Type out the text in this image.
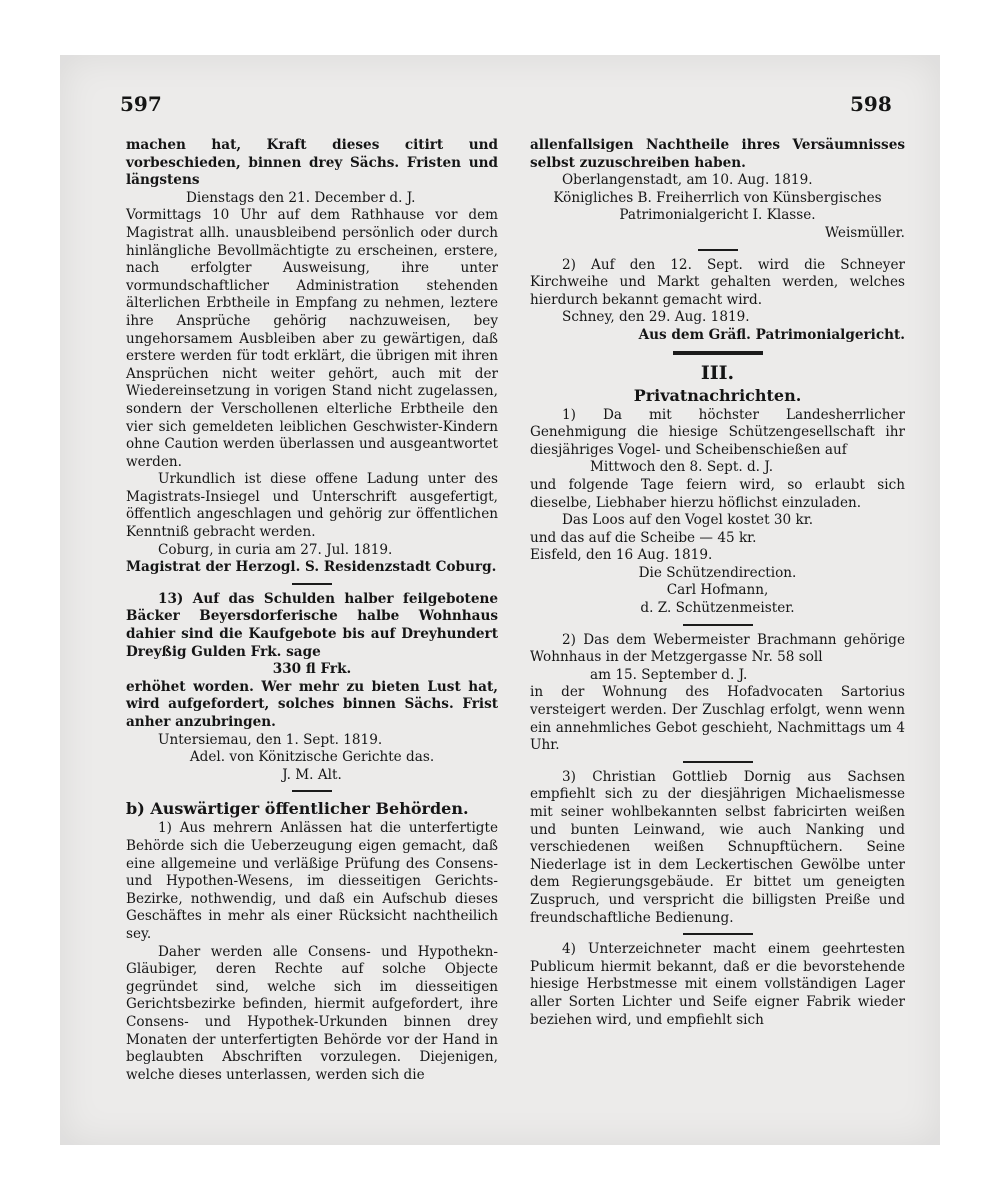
597	598

machen hat, Kraft dieses citirt und vorbeschieden, binnen drey Sächs. Fristen und längstens

Dienstags den 21. December d. J.

Vormittags 10 Uhr auf dem Rathhause vor dem Magistrat allh. unausbleibend persönlich oder durch hinlängliche Bevollmächtigte zu erscheinen, erstere, nach erfolgter Ausweisung, ihre unter vormundschaftlicher Administration stehenden älterlichen Erbtheile in Empfang zu nehmen, leztere ihre Ansprüche gehörig nachzuweisen, bey ungehorsamem Ausbleiben aber zu gewärtigen, daß erstere werden für todt erklärt, die übrigen mit ihren Ansprüchen nicht weiter gehört, auch mit der Wiedereinsetzung in vorigen Stand nicht zugelassen, sondern der Verschollenen elterliche Erbtheile den vier sich gemeldeten leiblichen Geschwister-Kindern ohne Caution werden überlassen und ausgeantwortet werden.

Urkundlich ist diese offene Ladung unter des Magistrats-Insiegel und Unterschrift ausgefertigt, öffentlich angeschlagen und gehörig zur öffentlichen Kenntniß gebracht werden.

Coburg, in curia am 27. Jul. 1819.

Magistrat der Herzogl. S. Residenzstadt Coburg.

13) Auf das Schulden halber feilgebotene Bäcker Beyersdorferische halbe Wohnhaus dahier sind die Kaufgebote bis auf Dreyhundert Dreyßig Gulden Frk. sage

330 fl Frk.

erhöhet worden. Wer mehr zu bieten Lust hat, wird aufgefordert, solches binnen Sächs. Frist anher anzubringen.

Untersiemau, den 1. Sept. 1819.

Adel. von Könitzische Gerichte das.

J. M. Alt.

b) Auswärtiger öffentlicher Behörden.

1) Aus mehrern Anlässen hat die unterfertigte Behörde sich die Ueberzeugung eigen gemacht, daß eine allgemeine und verläßige Prüfung des Consens- und Hypothen-Wesens, im diesseitigen Gerichts-Bezirke, nothwendig, und daß ein Aufschub dieses Geschäftes in mehr als einer Rücksicht nachtheilich sey.

Daher werden alle Consens- und Hypothekn-Gläubiger, deren Rechte auf solche Objecte gegründet sind, welche sich im diesseitigen Gerichtsbezirke befinden, hiermit aufgefordert, ihre Consens- und Hypothek-Urkunden binnen drey Monaten der unterfertigten Behörde vor der Hand in beglaubten Abschriften vorzulegen. Diejenigen, welche dieses unterlassen, werden sich die

allenfallsigen Nachtheile ihres Versäumnisses selbst zuzuschreiben haben.

Oberlangenstadt, am 10. Aug. 1819.

Königliches B. Freiherrlich von Künsbergisches Patrimonialgericht I. Klasse.

Weismüller.

2) Auf den 12. Sept. wird die Schneyer Kirchweihe und Markt gehalten werden, welches hierdurch bekannt gemacht wird.

Schney, den 29. Aug. 1819.

Aus dem Gräfl. Patrimonialgericht.

III.

Privatnachrichten.

1) Da mit höchster Landesherrlicher Genehmigung die hiesige Schützengesellschaft ihr diesjähriges Vogel- und Scheibenschießen auf

Mittwoch den 8. Sept. d. J.

und folgende Tage feiern wird, so erlaubt sich dieselbe, Liebhaber hierzu höflichst einzuladen.

Das Loos auf den Vogel kostet 30 kr.

und das auf die Scheibe — 45 kr.

Eisfeld, den 16 Aug. 1819.

Die Schützendirection.

Carl Hofmann,

d. Z. Schützenmeister.

2) Das dem Webermeister Brachmann gehörige Wohnhaus in der Metzgergasse Nr. 58 soll

am 15. September d. J.

in der Wohnung des Hofadvocaten Sartorius versteigert werden. Der Zuschlag erfolgt, wenn wenn ein annehmliches Gebot geschieht, Nachmittags um 4 Uhr.

3) Christian Gottlieb Dornig aus Sachsen empfiehlt sich zu der diesjährigen Michaelismesse mit seiner wohlbekannten selbst fabricirten weißen und bunten Leinwand, wie auch Nanking und verschiedenen weißen Schnupftüchern. Seine Niederlage ist in dem Leckertischen Gewölbe unter dem Regierungsgebäude. Er bittet um geneigten Zuspruch, und verspricht die billigsten Preiße und freundschaftliche Bedienung.

4) Unterzeichneter macht einem geehrtesten Publicum hiermit bekannt, daß er die bevorstehende hiesige Herbstmesse mit einem vollständigen Lager aller Sorten Lichter und Seife eigner Fabrik wieder beziehen wird, und empfiehlt sich
